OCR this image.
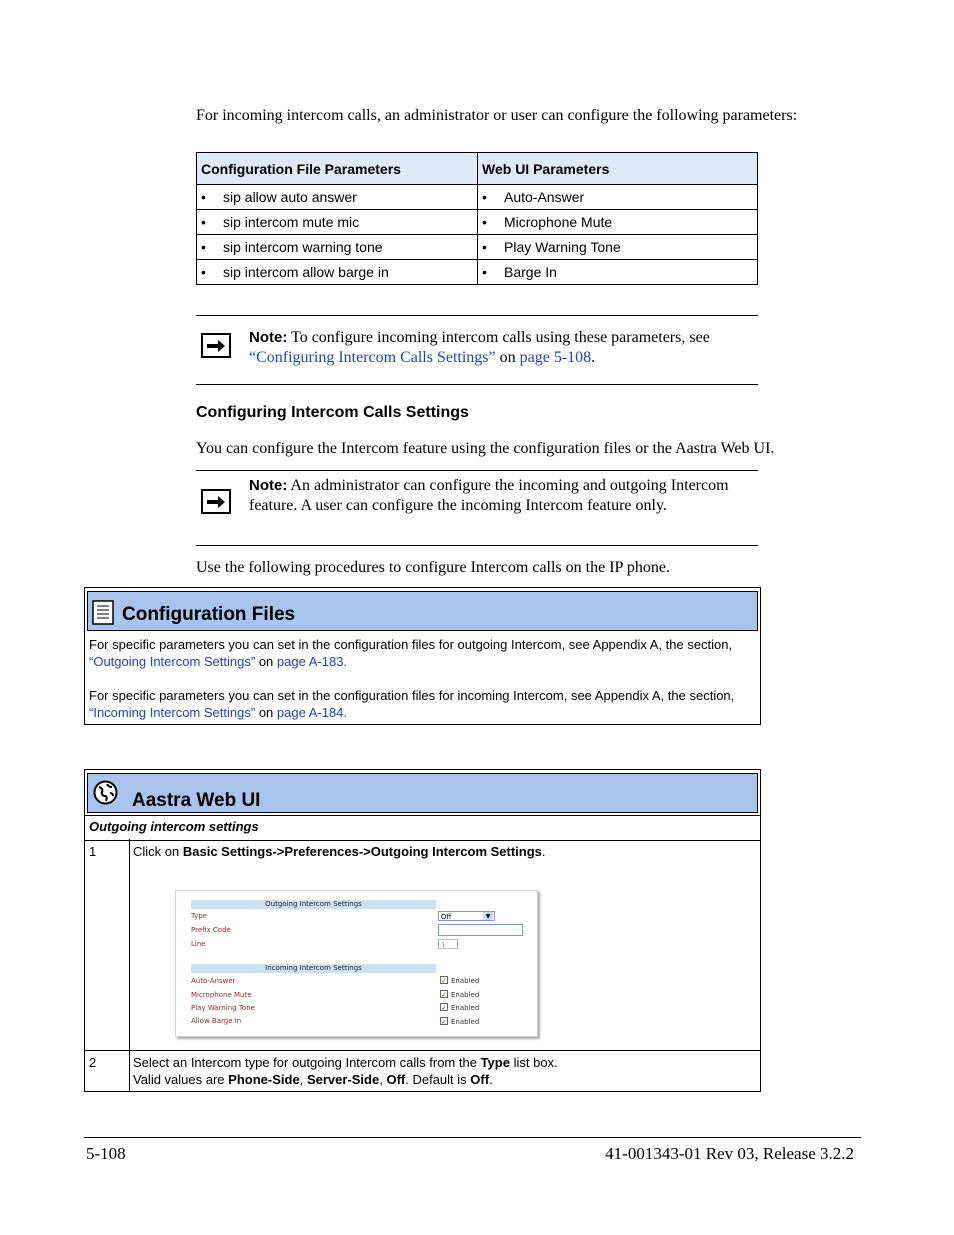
For incoming intercom calls, an administrator or user can configure the following parameters:
Configuration File Parameters	Web UI Parameters
• sip allow auto answer	• Auto-Answer
• sip intercom mute mic	• Microphone Mute
• sip intercom warning tone	• Play Warning Tone
• sip intercom allow barge in	• Barge In
Note: To configure incoming intercom calls using these parameters, see “Configuring Intercom Calls Settings” on page 5-108.
Configuring Intercom Calls Settings
You can configure the Intercom feature using the configuration files or the Aastra Web UI.
Note: An administrator can configure the incoming and outgoing Intercom feature. A user can configure the incoming Intercom feature only.
Use the following procedures to configure Intercom calls on the IP phone.
Configuration Files
For specific parameters you can set in the configuration files for outgoing Intercom, see Appendix A, the section, “Outgoing Intercom Settings” on page A-183.
For specific parameters you can set in the configuration files for incoming Intercom, see Appendix A, the section, “Incoming Intercom Settings” on page A-184.
Aastra Web UI
Outgoing intercom settings
1	Click on Basic Settings->Preferences->Outgoing Intercom Settings.
2	Select an Intercom type for outgoing Intercom calls from the Type list box.
Valid values are Phone-Side, Server-Side, Off. Default is Off.
Outgoing Intercom Settings
Type	Off	▼
Prefix Code
Line	1
Incoming Intercom Settings
Auto-Answer	✓ Enabled
Microphone Mute	✓ Enabled
Play Warning Tone	✓ Enabled
Allow Barge In	✓ Enabled
5-108	41-001343-01 Rev 03, Release 3.2.2
